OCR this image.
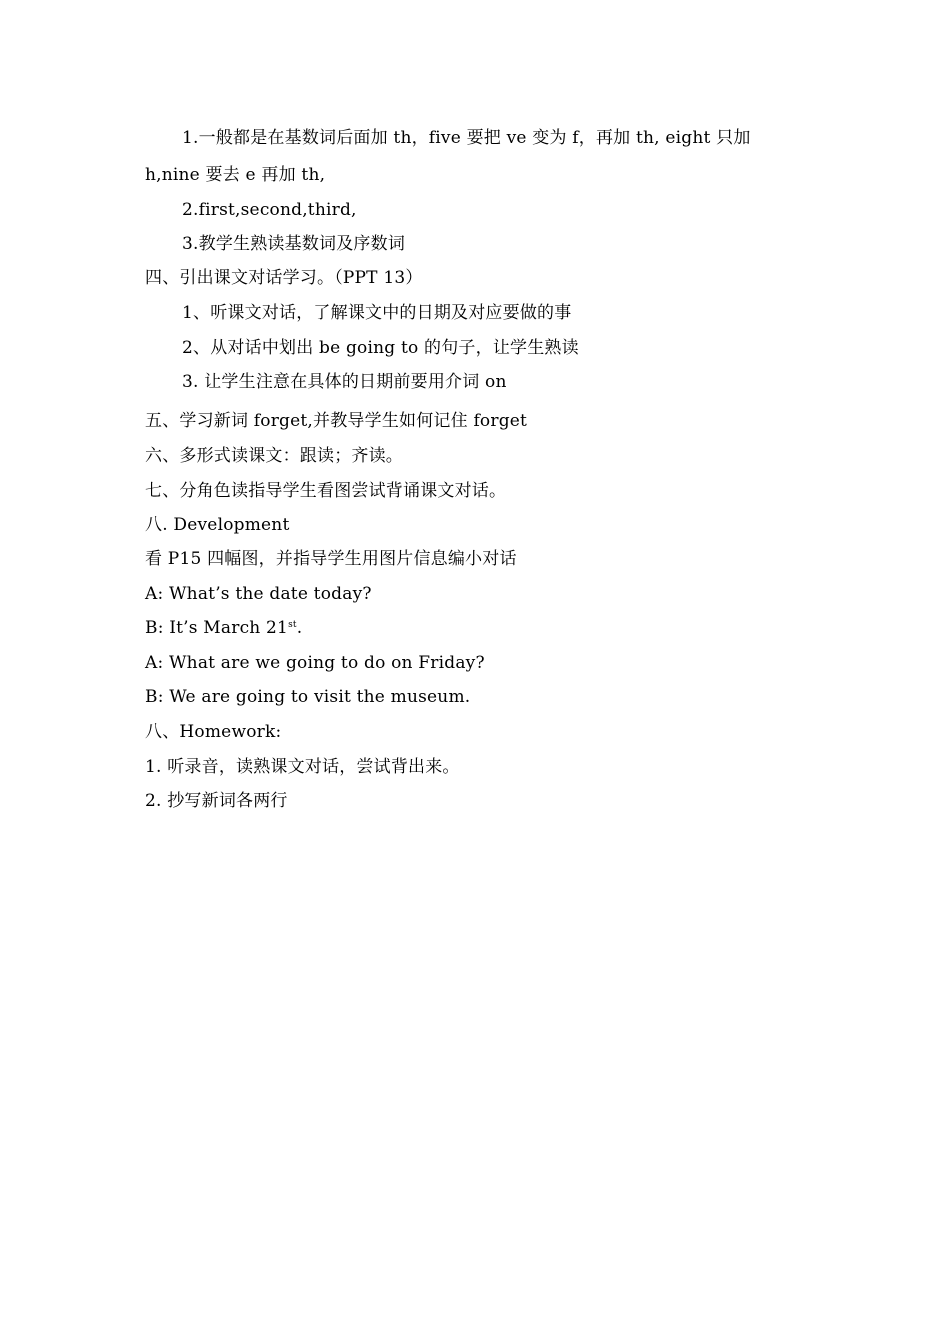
1.一般都是在基数词后面加 th，five 要把 ve 变为 f，再加 th, eight 只加
h,nine 要去 e 再加 th,
2.first,second,third,
3.教学生熟读基数词及序数词
四、引出课文对话学习。（PPT 13）
1、听课文对话，了解课文中的日期及对应要做的事
2、从对话中划出 be going to 的句子，让学生熟读
3. 让学生注意在具体的日期前要用介词 on
五、学习新词 forget,并教导学生如何记住 forget
六、多形式读课文：跟读；齐读。
七、分角色读指导学生看图尝试背诵课文对话。
八. Development
看 P15 四幅图，并指导学生用图片信息编小对话
A: What’s the date today?
B: It’s March 21st.
A: What are we going to do on Friday?
B: We are going to visit the museum.
八、Homework:
1. 听录音，读熟课文对话，尝试背出来。
2. 抄写新词各两行
